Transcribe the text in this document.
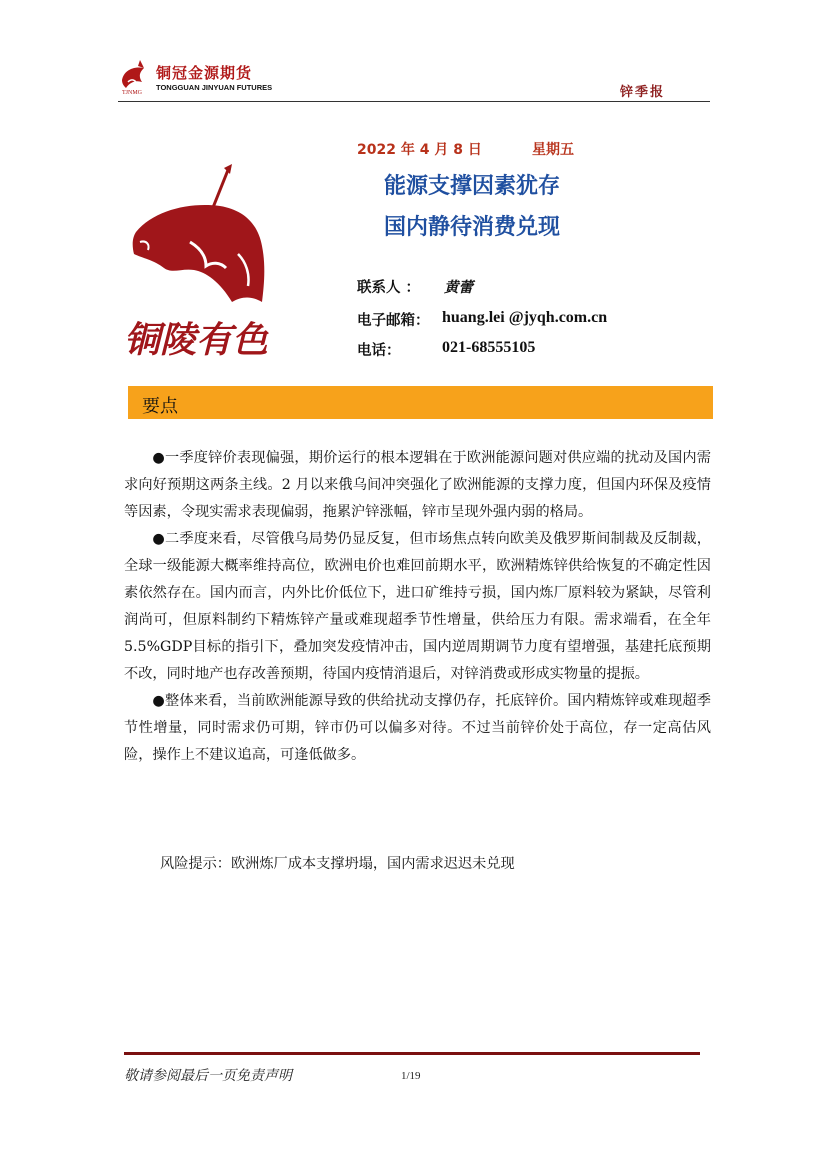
铜冠金源期货
TONGGUAN JINYUAN FUTURES
TJNMG	锌季报
铜陵有色
2022 年 4 月 8 日	星期五
能源支撑因素犹存
国内静待消费兑现
联系人 ： 黄蕾
电子邮箱： huang.lei @jyqh.com.cn
电话：	021-68555105
要点

●一季度锌价表现偏强，期价运行的根本逻辑在于欧洲能源问题对供应端的扰动及国内需求向好预期这两条主线。2 月以来俄乌间冲突强化了欧洲能源的支撑力度，但国内环保及疫情等因素，令现实需求表现偏弱，拖累沪锌涨幅，锌市呈现外强内弱的格局。

●二季度来看，尽管俄乌局势仍显反复，但市场焦点转向欧美及俄罗斯间制裁及反制裁，全球一级能源大概率维持高位，欧洲电价也难回前期水平，欧洲精炼锌供给恢复的不确定性因素依然存在。国内而言，内外比价低位下，进口矿维持亏损，国内炼厂原料较为紧缺，尽管利润尚可，但原料制约下精炼锌产量或难现超季节性增量，供给压力有限。需求端看，在全年5.5%GDP目标的指引下，叠加突发疫情冲击，国内逆周期调节力度有望增强，基建托底预期不改，同时地产也存改善预期，待国内疫情消退后，对锌消费或形成实物量的提振。

●整体来看，当前欧洲能源导致的供给扰动支撑仍存，托底锌价。国内精炼锌或难现超季节性增量，同时需求仍可期，锌市仍可以偏多对待。不过当前锌价处于高位，存一定高估风险，操作上不建议追高，可逢低做多。

风险提示：欧洲炼厂成本支撑坍塌，国内需求迟迟未兑现
敬请参阅最后一页免责声明	1/19
